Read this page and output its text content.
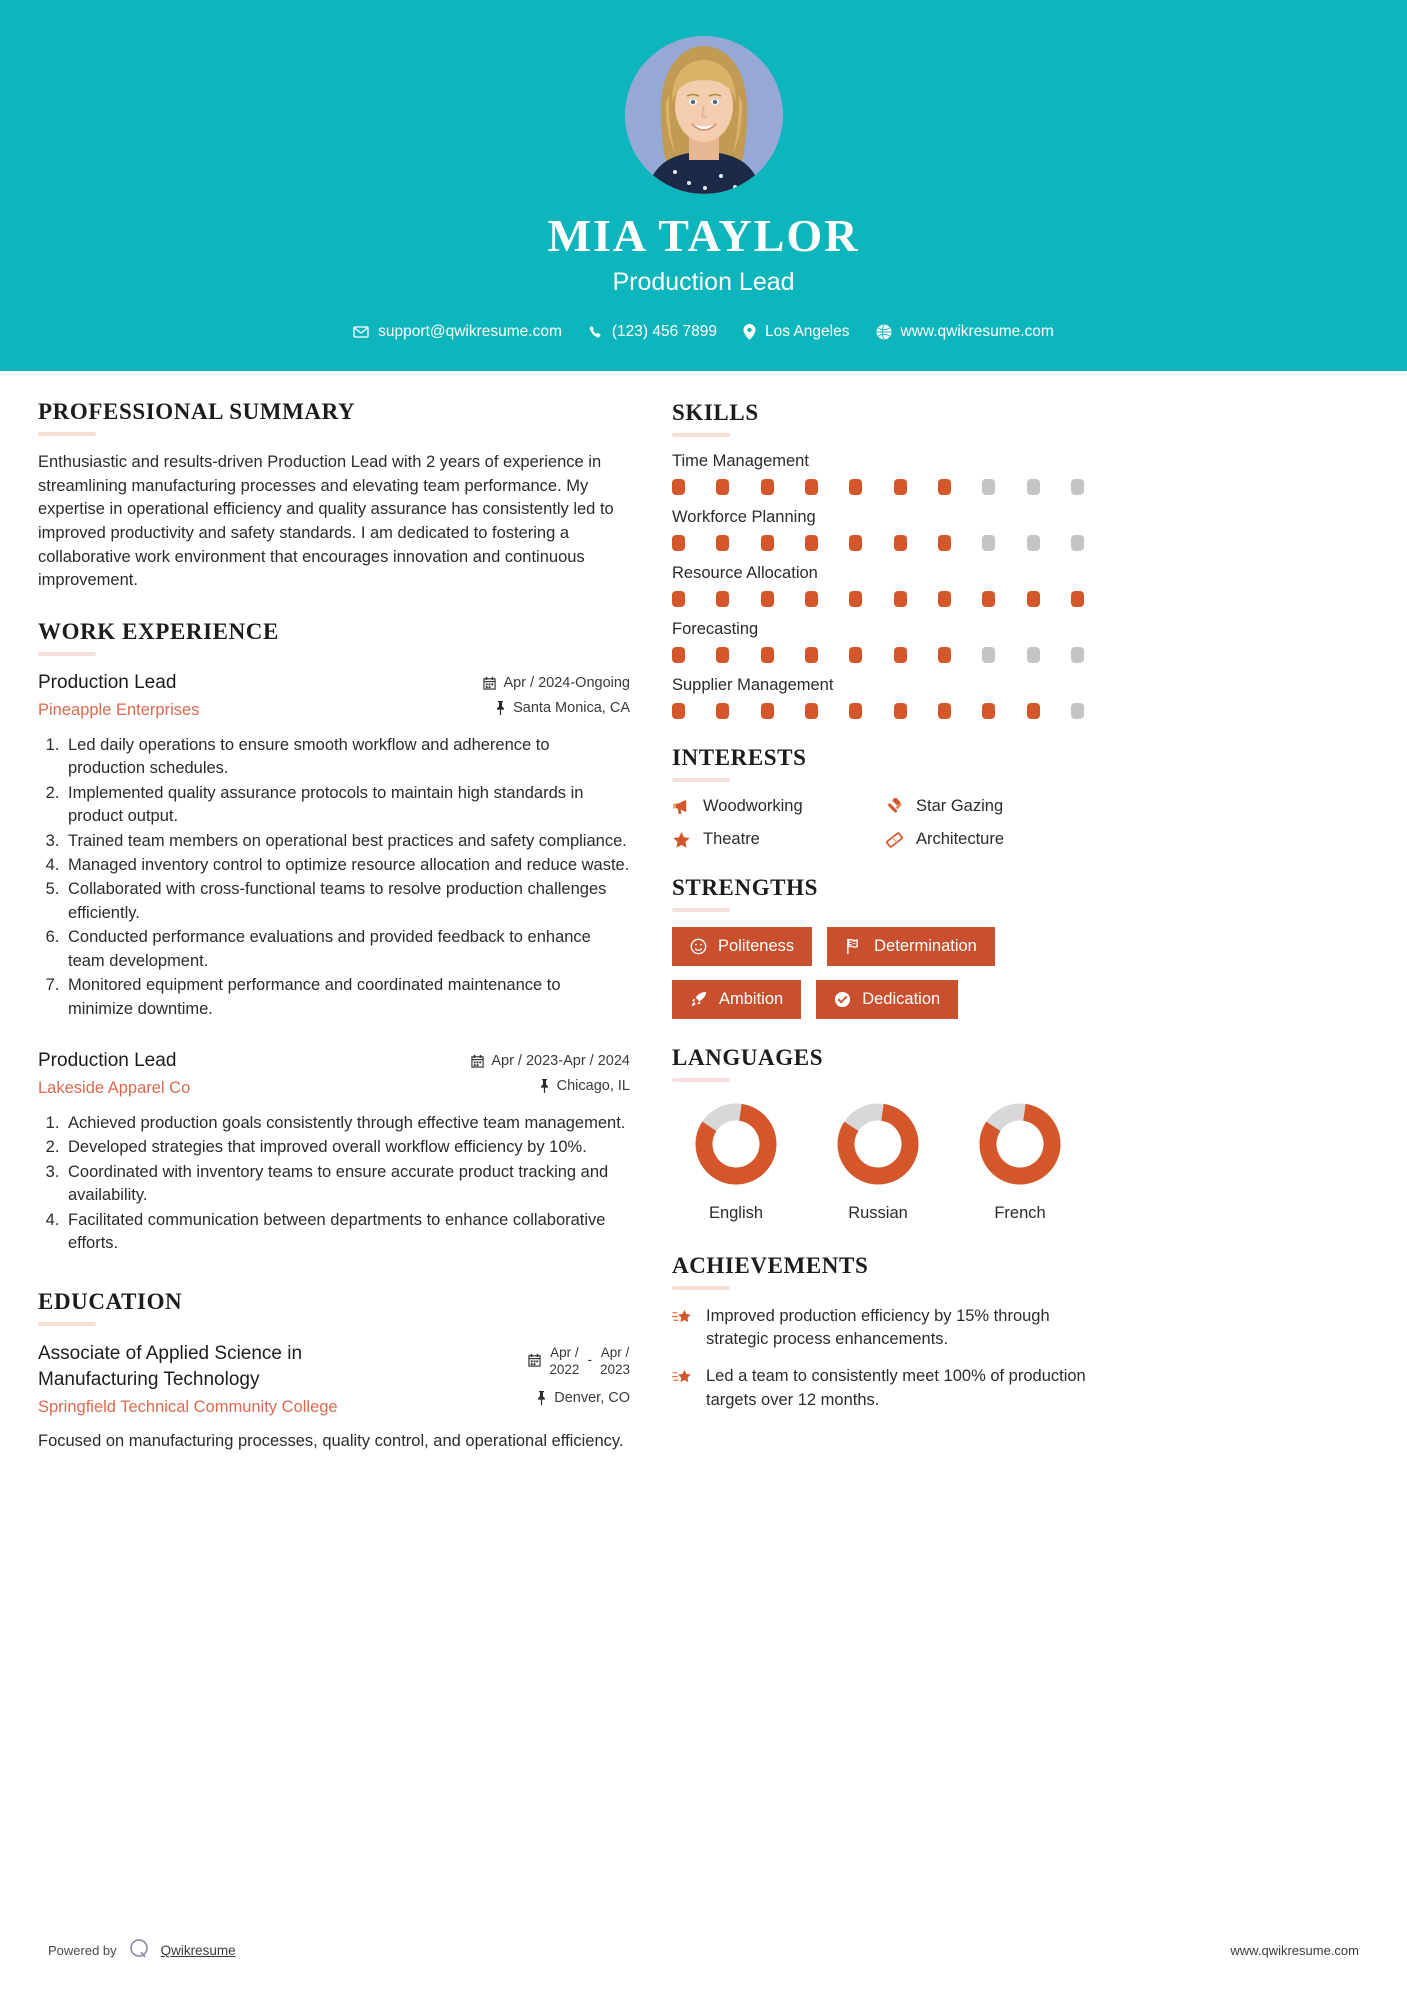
MIA TAYLOR
Production Lead
support@qwikresume.com	(123) 456 7899	Los Angeles	www.qwikresume.com
PROFESSIONAL SUMMARY
Enthusiastic and results-driven Production Lead with 2 years of experience in streamlining manufacturing processes and elevating team performance. My expertise in operational efficiency and quality assurance has consistently led to improved productivity and safety standards. I am dedicated to fostering a collaborative work environment that encourages innovation and continuous improvement.
WORK EXPERIENCE
Production Lead
Pineapple Enterprises
Apr / 2024-Ongoing
Santa Monica, CA
1. Led daily operations to ensure smooth workflow and adherence to production schedules.
2. Implemented quality assurance protocols to maintain high standards in product output.
3. Trained team members on operational best practices and safety compliance.
4. Managed inventory control to optimize resource allocation and reduce waste.
5. Collaborated with cross-functional teams to resolve production challenges efficiently.
6. Conducted performance evaluations and provided feedback to enhance team development.
7. Monitored equipment performance and coordinated maintenance to minimize downtime.
Production Lead
Lakeside Apparel Co
Apr / 2023-Apr / 2024
Chicago, IL
1. Achieved production goals consistently through effective team management.
2. Developed strategies that improved overall workflow efficiency by 10%.
3. Coordinated with inventory teams to ensure accurate product tracking and availability.
4. Facilitated communication between departments to enhance collaborative efforts.
EDUCATION
Associate of Applied Science in Manufacturing Technology
Springfield Technical Community College
Apr /
2022
- Apr /
2023
Denver, CO
Focused on manufacturing processes, quality control, and operational efficiency.
SKILLS
Time Management
Workforce Planning
Resource Allocation
Forecasting
Supplier Management
INTERESTS
Woodworking	Star Gazing
Theatre	Architecture
STRENGTHS
Politeness	Determination
Ambition	Dedication
LANGUAGES
English	Russian	French
ACHIEVEMENTS
Improved production efficiency by 15% through strategic process enhancements.
Led a team to consistently meet 100% of production targets over 12 months.
Powered by	Qwikresume	www.qwikresume.com
